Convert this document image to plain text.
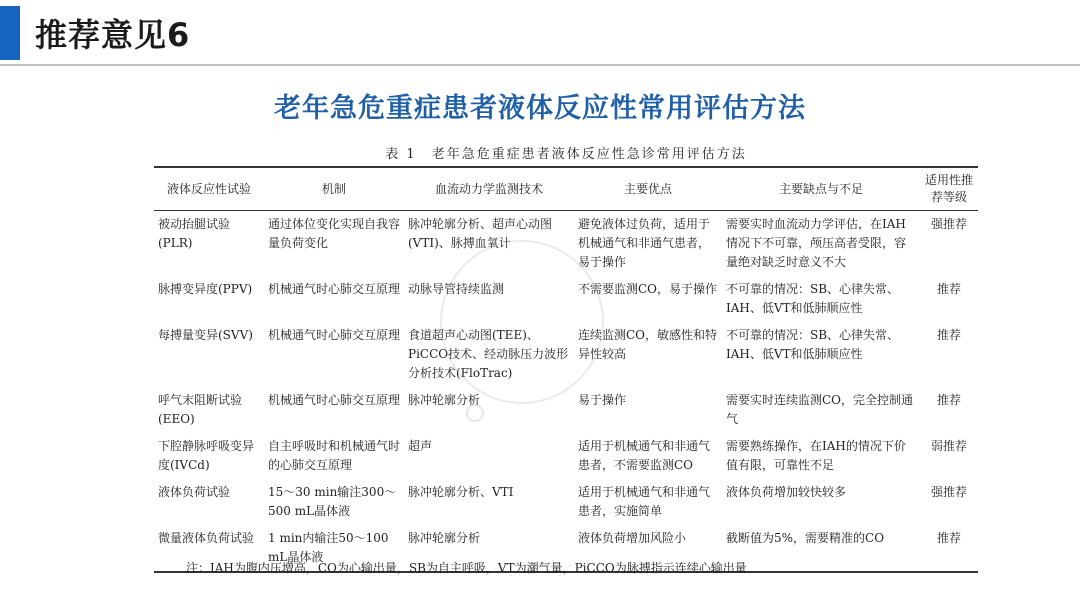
推荐意见6
老年急危重症患者液体反应性常用评估方法
表 1　老年急危重症患者液体反应性急诊常用评估方法
液体反应性试验	机制	血流动力学监测技术	主要优点	主要缺点与不足	适用性推荐等级
被动抬腿试验(PLR)	通过体位变化实现自我容量负荷变化	脉冲轮廓分析、超声心动图(VTI)、脉搏血氧计	避免液体过负荷，适用于机械通气和非通气患者，易于操作	需要实时血流动力学评估，在IAH情况下不可靠，颅压高者受限，容量绝对缺乏时意义不大	强推荐
脉搏变异度(PPV)	机械通气时心肺交互原理	动脉导管持续监测	不需要监测CO，易于操作	不可靠的情况：SB、心律失常、IAH、低VT和低肺顺应性	推荐
每搏量变异(SVV)	机械通气时心肺交互原理	食道超声心动图(TEE)、PiCCO技术、经动脉压力波形分析技术(FloTrac)	连续监测CO，敏感性和特异性较高	不可靠的情况：SB、心律失常、IAH、低VT和低肺顺应性	推荐
呼气末阻断试验(EEO)	机械通气时心肺交互原理	脉冲轮廓分析	易于操作	需要实时连续监测CO，完全控制通气	推荐
下腔静脉呼吸变异度(IVCd)	自主呼吸时和机械通气时的心肺交互原理	超声	适用于机械通气和非通气患者，不需要监测CO	需要熟练操作，在IAH的情况下价值有限，可靠性不足	弱推荐
液体负荷试验	15～30 min输注300～500 mL晶体液	脉冲轮廓分析、VTI	适用于机械通气和非通气患者，实施简单	液体负荷增加较快较多	强推荐
微量液体负荷试验	1 min内输注50～100 mL晶体液	脉冲轮廓分析	液体负荷增加风险小	截断值为5%，需要精准的CO	推荐
注：IAH为腹内压增高，CO为心输出量，SB为自主呼吸，VT为潮气量，PiCCO为脉搏指示连续心输出量
